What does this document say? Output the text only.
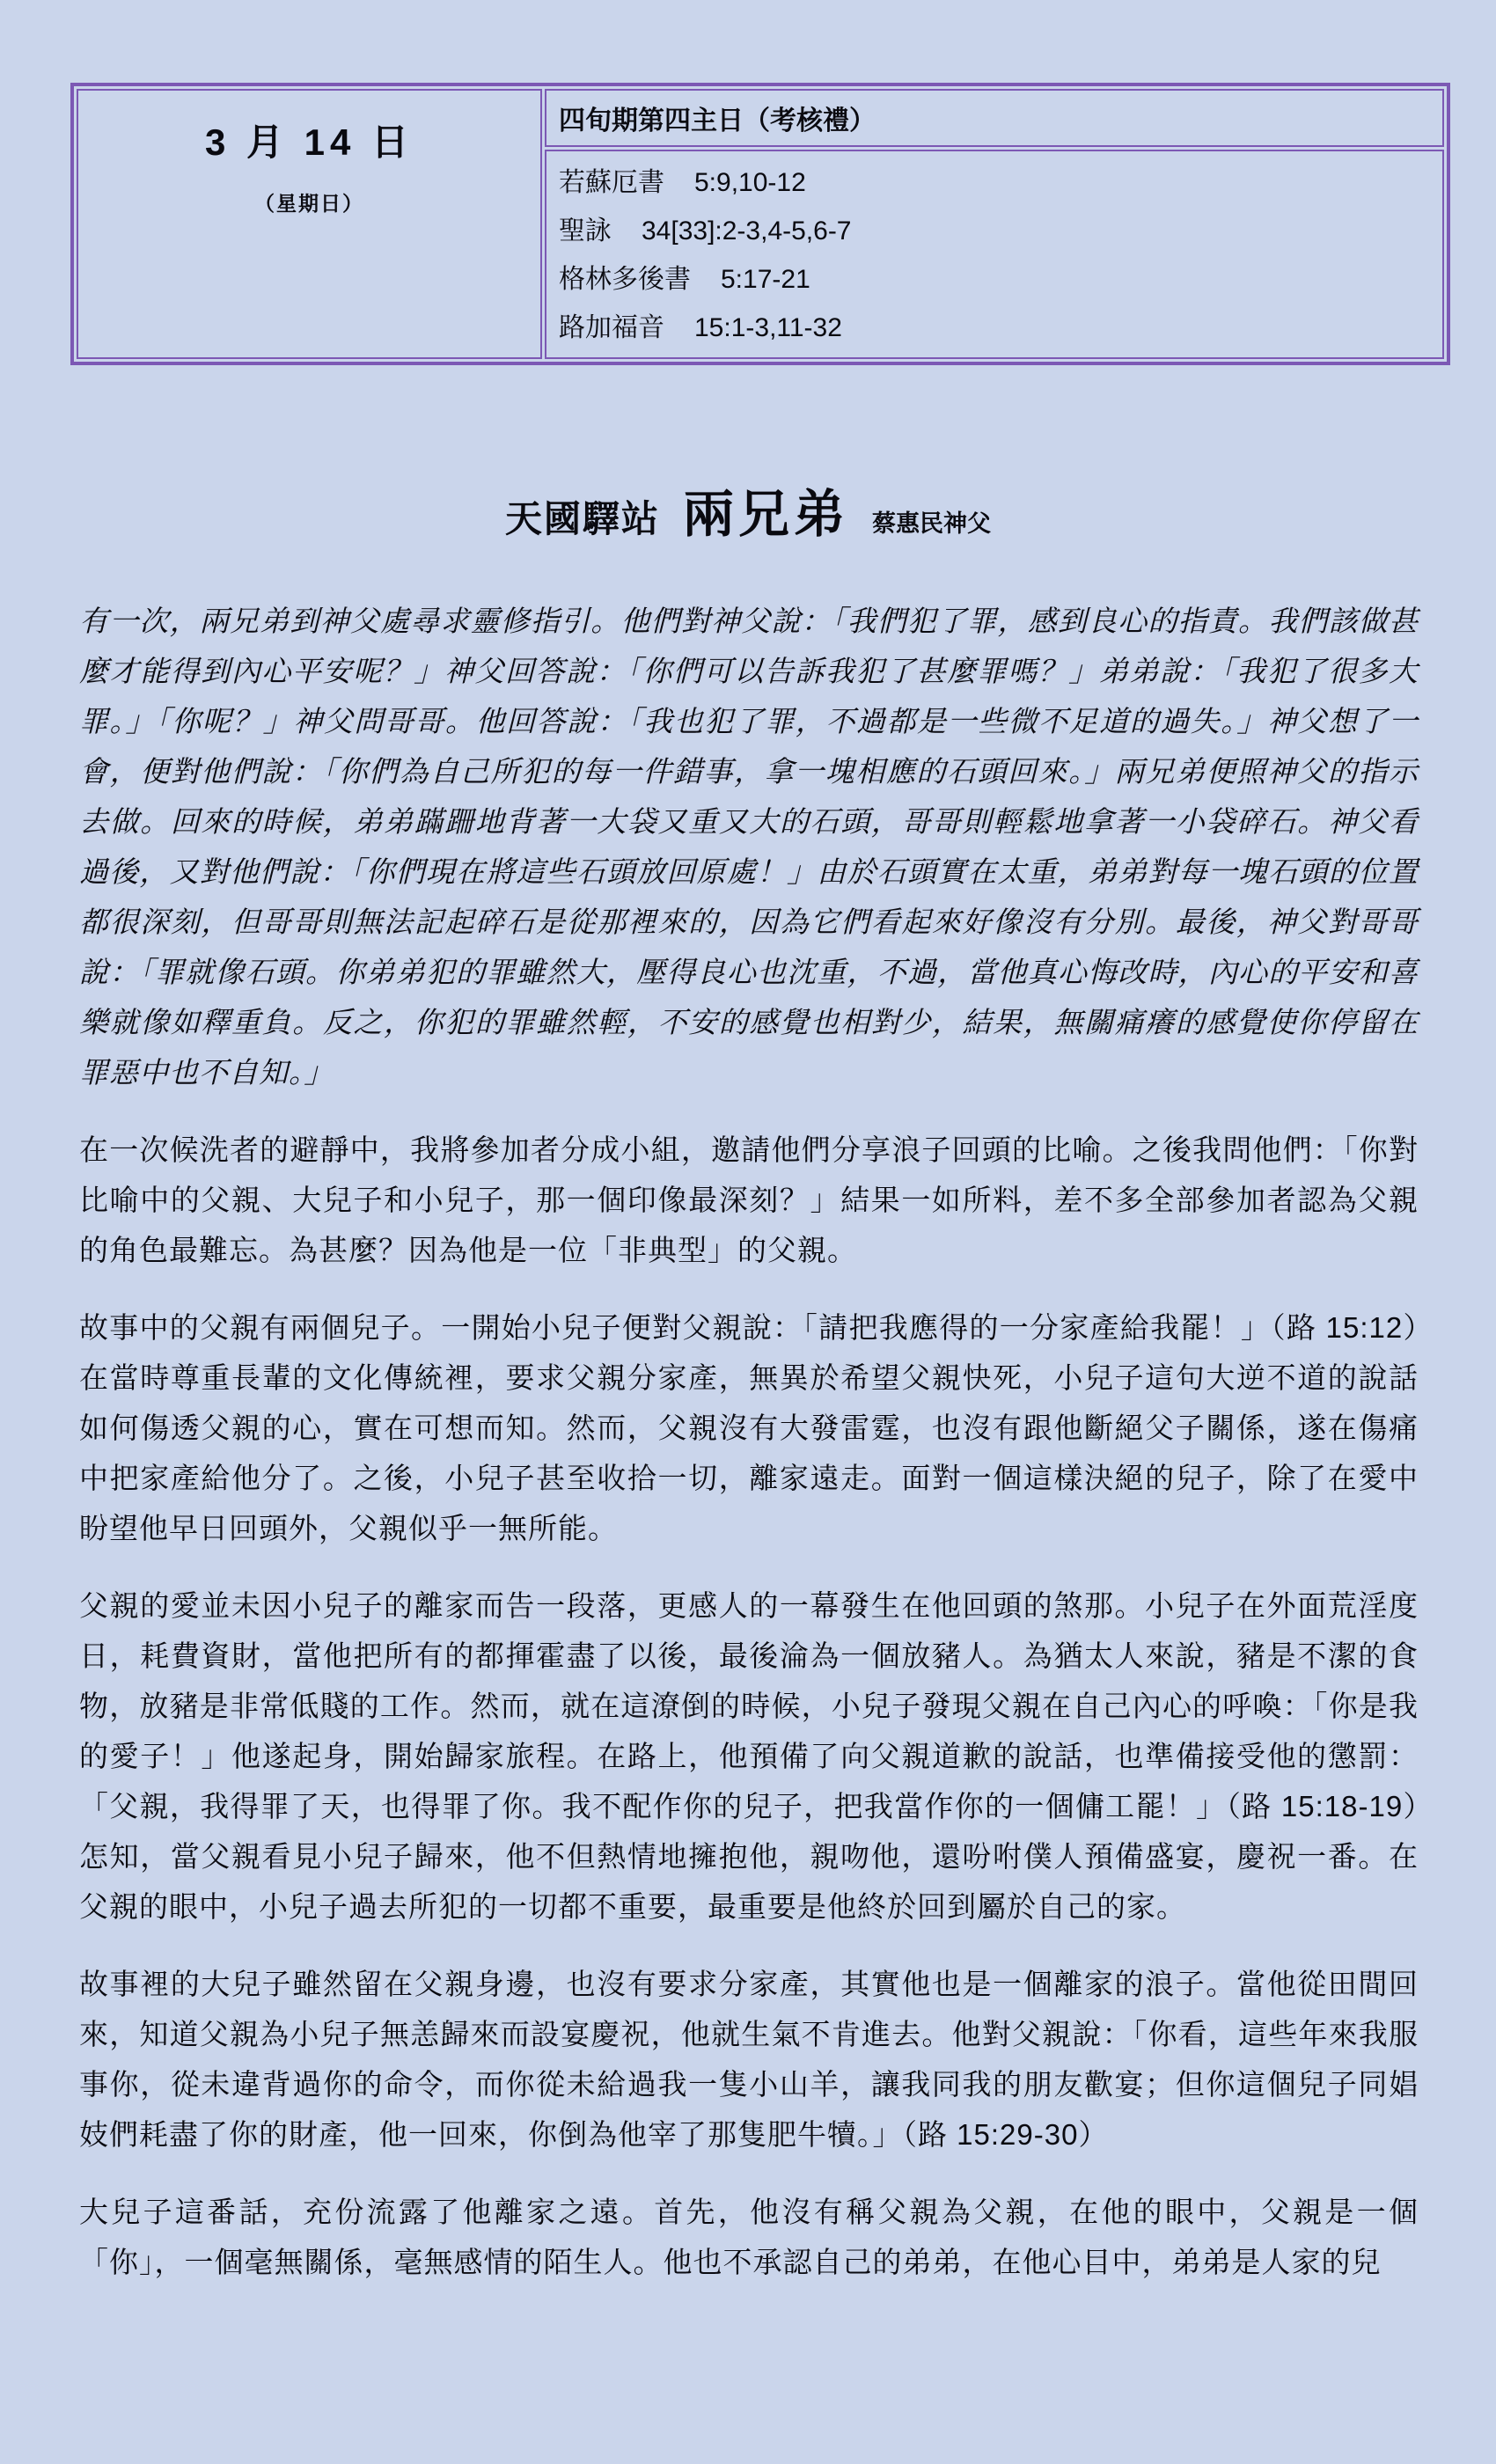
3 月 14 日
（星期日）
	四旬期第四主日（考核禮）

若蘇厄書 5:9,10-12
聖詠 34[33]:2-3,4-5,6-7
格林多後書 5:17-21
路加福音 15:1-3,11-32
天國驛站 兩兄弟 蔡惠民神父

有一次，兩兄弟到神父處尋求靈修指引。他們對神父說：「我們犯了罪，感到良心的指責。我們該做甚麼才能得到內心平安呢？」神父回答說：「你們可以告訴我犯了甚麼罪嗎？」弟弟說：「我犯了很多大罪。」「你呢？」神父問哥哥。他回答說：「我也犯了罪，不過都是一些微不足道的過失。」神父想了一會，便對他們說：「你們為自己所犯的每一件錯事，拿一塊相應的石頭回來。」兩兄弟便照神父的指示去做。回來的時候，弟弟蹣跚地背著一大袋又重又大的石頭，哥哥則輕鬆地拿著一小袋碎石。神父看過後，又對他們說：「你們現在將這些石頭放回原處！」由於石頭實在太重，弟弟對每一塊石頭的位置都很深刻，但哥哥則無法記起碎石是從那裡來的，因為它們看起來好像沒有分別。最後，神父對哥哥說：「罪就像石頭。你弟弟犯的罪雖然大，壓得良心也沈重，不過，當他真心悔改時，內心的平安和喜樂就像如釋重負。反之，你犯的罪雖然輕，不安的感覺也相對少，結果，無關痛癢的感覺使你停留在罪惡中也不自知。」

在一次候洗者的避靜中，我將參加者分成小組，邀請他們分享浪子回頭的比喻。之後我問他們：「你對比喻中的父親、大兒子和小兒子，那一個印像最深刻？」結果一如所料，差不多全部參加者認為父親的角色最難忘。為甚麼？因為他是一位「非典型」的父親。

故事中的父親有兩個兒子。一開始小兒子便對父親說：「請把我應得的一分家產給我罷！」（路 15:12）在當時尊重長輩的文化傳統裡，要求父親分家產，無異於希望父親快死，小兒子這句大逆不道的說話如何傷透父親的心，實在可想而知。然而，父親沒有大發雷霆，也沒有跟他斷絕父子關係，遂在傷痛中把家產給他分了。之後，小兒子甚至收拾一切，離家遠走。面對一個這樣決絕的兒子，除了在愛中盼望他早日回頭外，父親似乎一無所能。

父親的愛並未因小兒子的離家而告一段落，更感人的一幕發生在他回頭的煞那。小兒子在外面荒淫度日，耗費資財，當他把所有的都揮霍盡了以後，最後淪為一個放豬人。為猶太人來說，豬是不潔的食物，放豬是非常低賤的工作。然而，就在這潦倒的時候，小兒子發現父親在自己內心的呼喚：「你是我的愛子！」他遂起身，開始歸家旅程。在路上，他預備了向父親道歉的說話，也準備接受他的懲罰：「父親，我得罪了天，也得罪了你。我不配作你的兒子，把我當作你的一個傭工罷！」（路 15:18-19）怎知，當父親看見小兒子歸來，他不但熱情地擁抱他，親吻他，還吩咐僕人預備盛宴，慶祝一番。在父親的眼中，小兒子過去所犯的一切都不重要，最重要是他終於回到屬於自己的家。

故事裡的大兒子雖然留在父親身邊，也沒有要求分家產，其實他也是一個離家的浪子。當他從田間回來，知道父親為小兒子無恙歸來而設宴慶祝，他就生氣不肯進去。他對父親說：「你看，這些年來我服事你，從未違背過你的命令，而你從未給過我一隻小山羊，讓我同我的朋友歡宴；但你這個兒子同娼妓們耗盡了你的財產，他一回來，你倒為他宰了那隻肥牛犢。」（路 15:29-30）

大兒子這番話，充份流露了他離家之遠。首先，他沒有稱父親為父親，在他的眼中，父親是一個「你」，一個毫無關係，毫無感情的陌生人。他也不承認自己的弟弟，在他心目中，弟弟是人家的兒
